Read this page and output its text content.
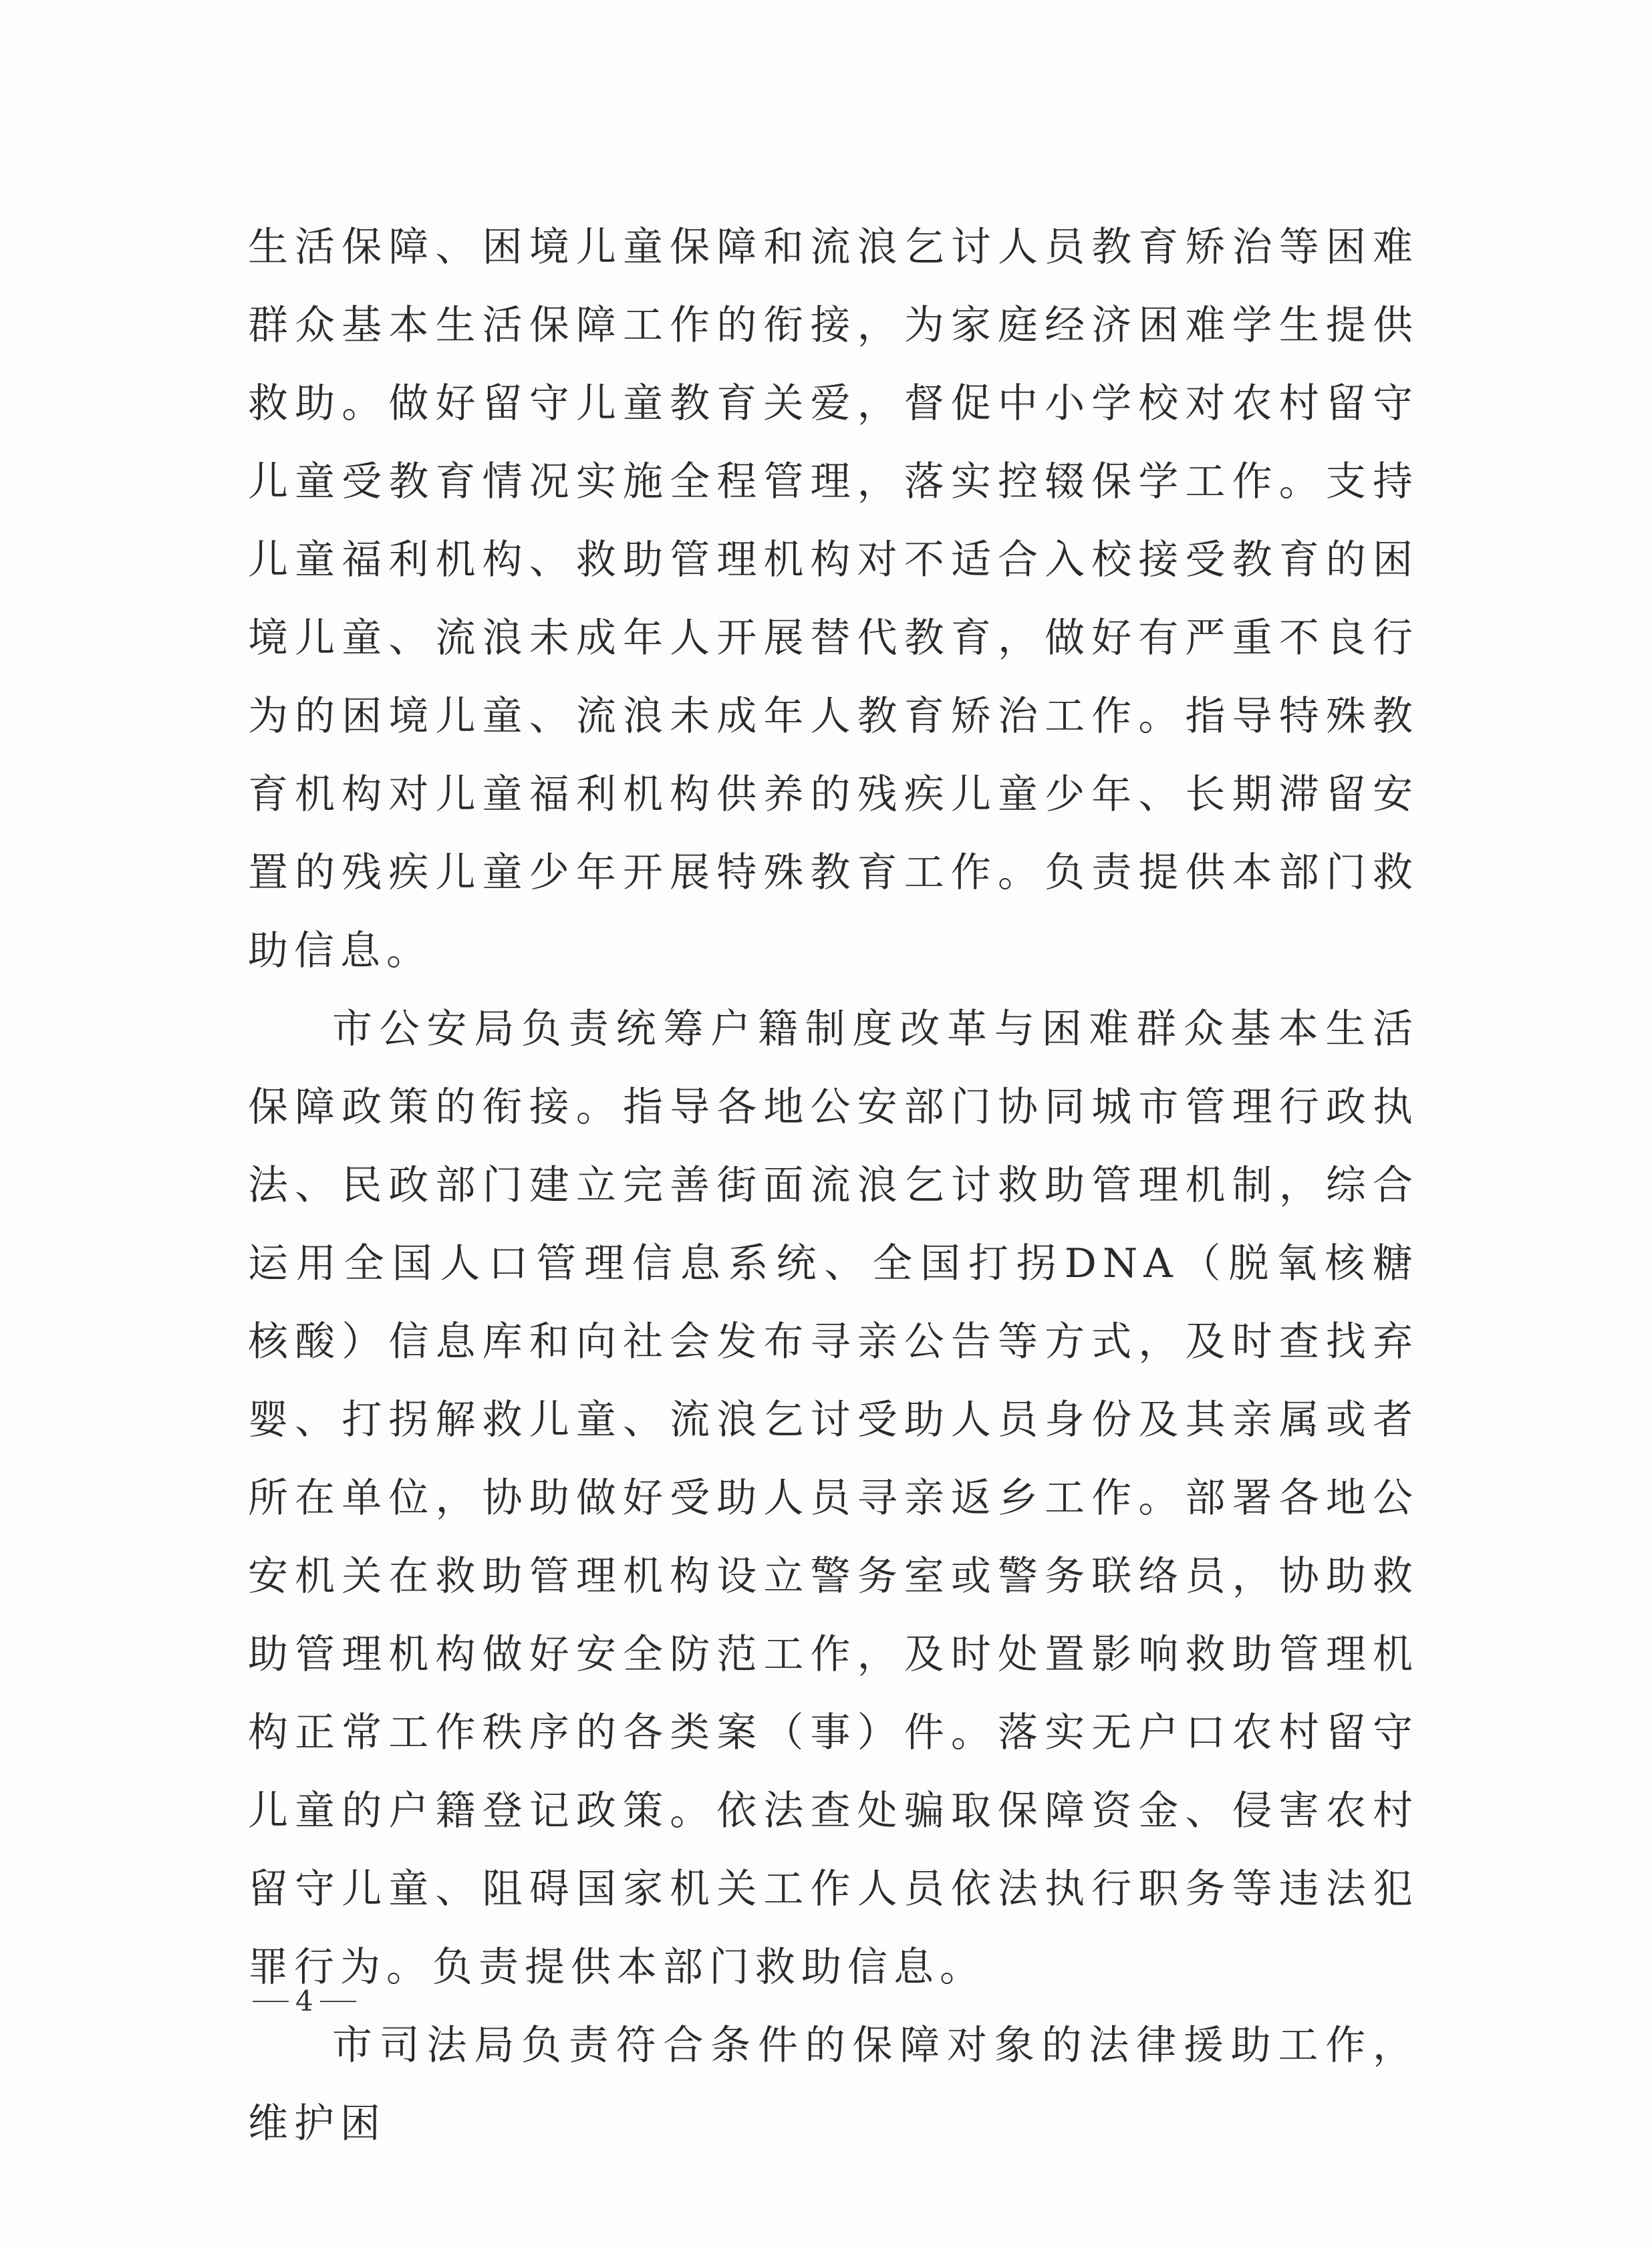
生活保障、困境儿童保障和流浪乞讨人员教育矫治等困难群众基本生活保障工作的衔接，为家庭经济困难学生提供救助。做好留守儿童教育关爱，督促中小学校对农村留守儿童受教育情况实施全程管理，落实控辍保学工作。支持儿童福利机构、救助管理机构对不适合入校接受教育的困境儿童、流浪未成年人开展替代教育，做好有严重不良行为的困境儿童、流浪未成年人教育矫治工作。指导特殊教育机构对儿童福利机构供养的残疾儿童少年、长期滞留安置的残疾儿童少年开展特殊教育工作。负责提供本部门救助信息。

市公安局负责统筹户籍制度改革与困难群众基本生活保障政策的衔接。指导各地公安部门协同城市管理行政执法、民政部门建立完善街面流浪乞讨救助管理机制，综合运用全国人口管理信息系统、全国打拐DNA（脱氧核糖核酸）信息库和向社会发布寻亲公告等方式，及时查找弃婴、打拐解救儿童、流浪乞讨受助人员身份及其亲属或者所在单位，协助做好受助人员寻亲返乡工作。部署各地公安机关在救助管理机构设立警务室或警务联络员，协助救助管理机构做好安全防范工作，及时处置影响救助管理机构正常工作秩序的各类案（事）件。落实无户口农村留守儿童的户籍登记政策。依法查处骗取保障资金、侵害农村留守儿童、阻碍国家机关工作人员依法执行职务等违法犯罪行为。负责提供本部门救助信息。

市司法局负责符合条件的保障对象的法律援助工作，维护困

4
